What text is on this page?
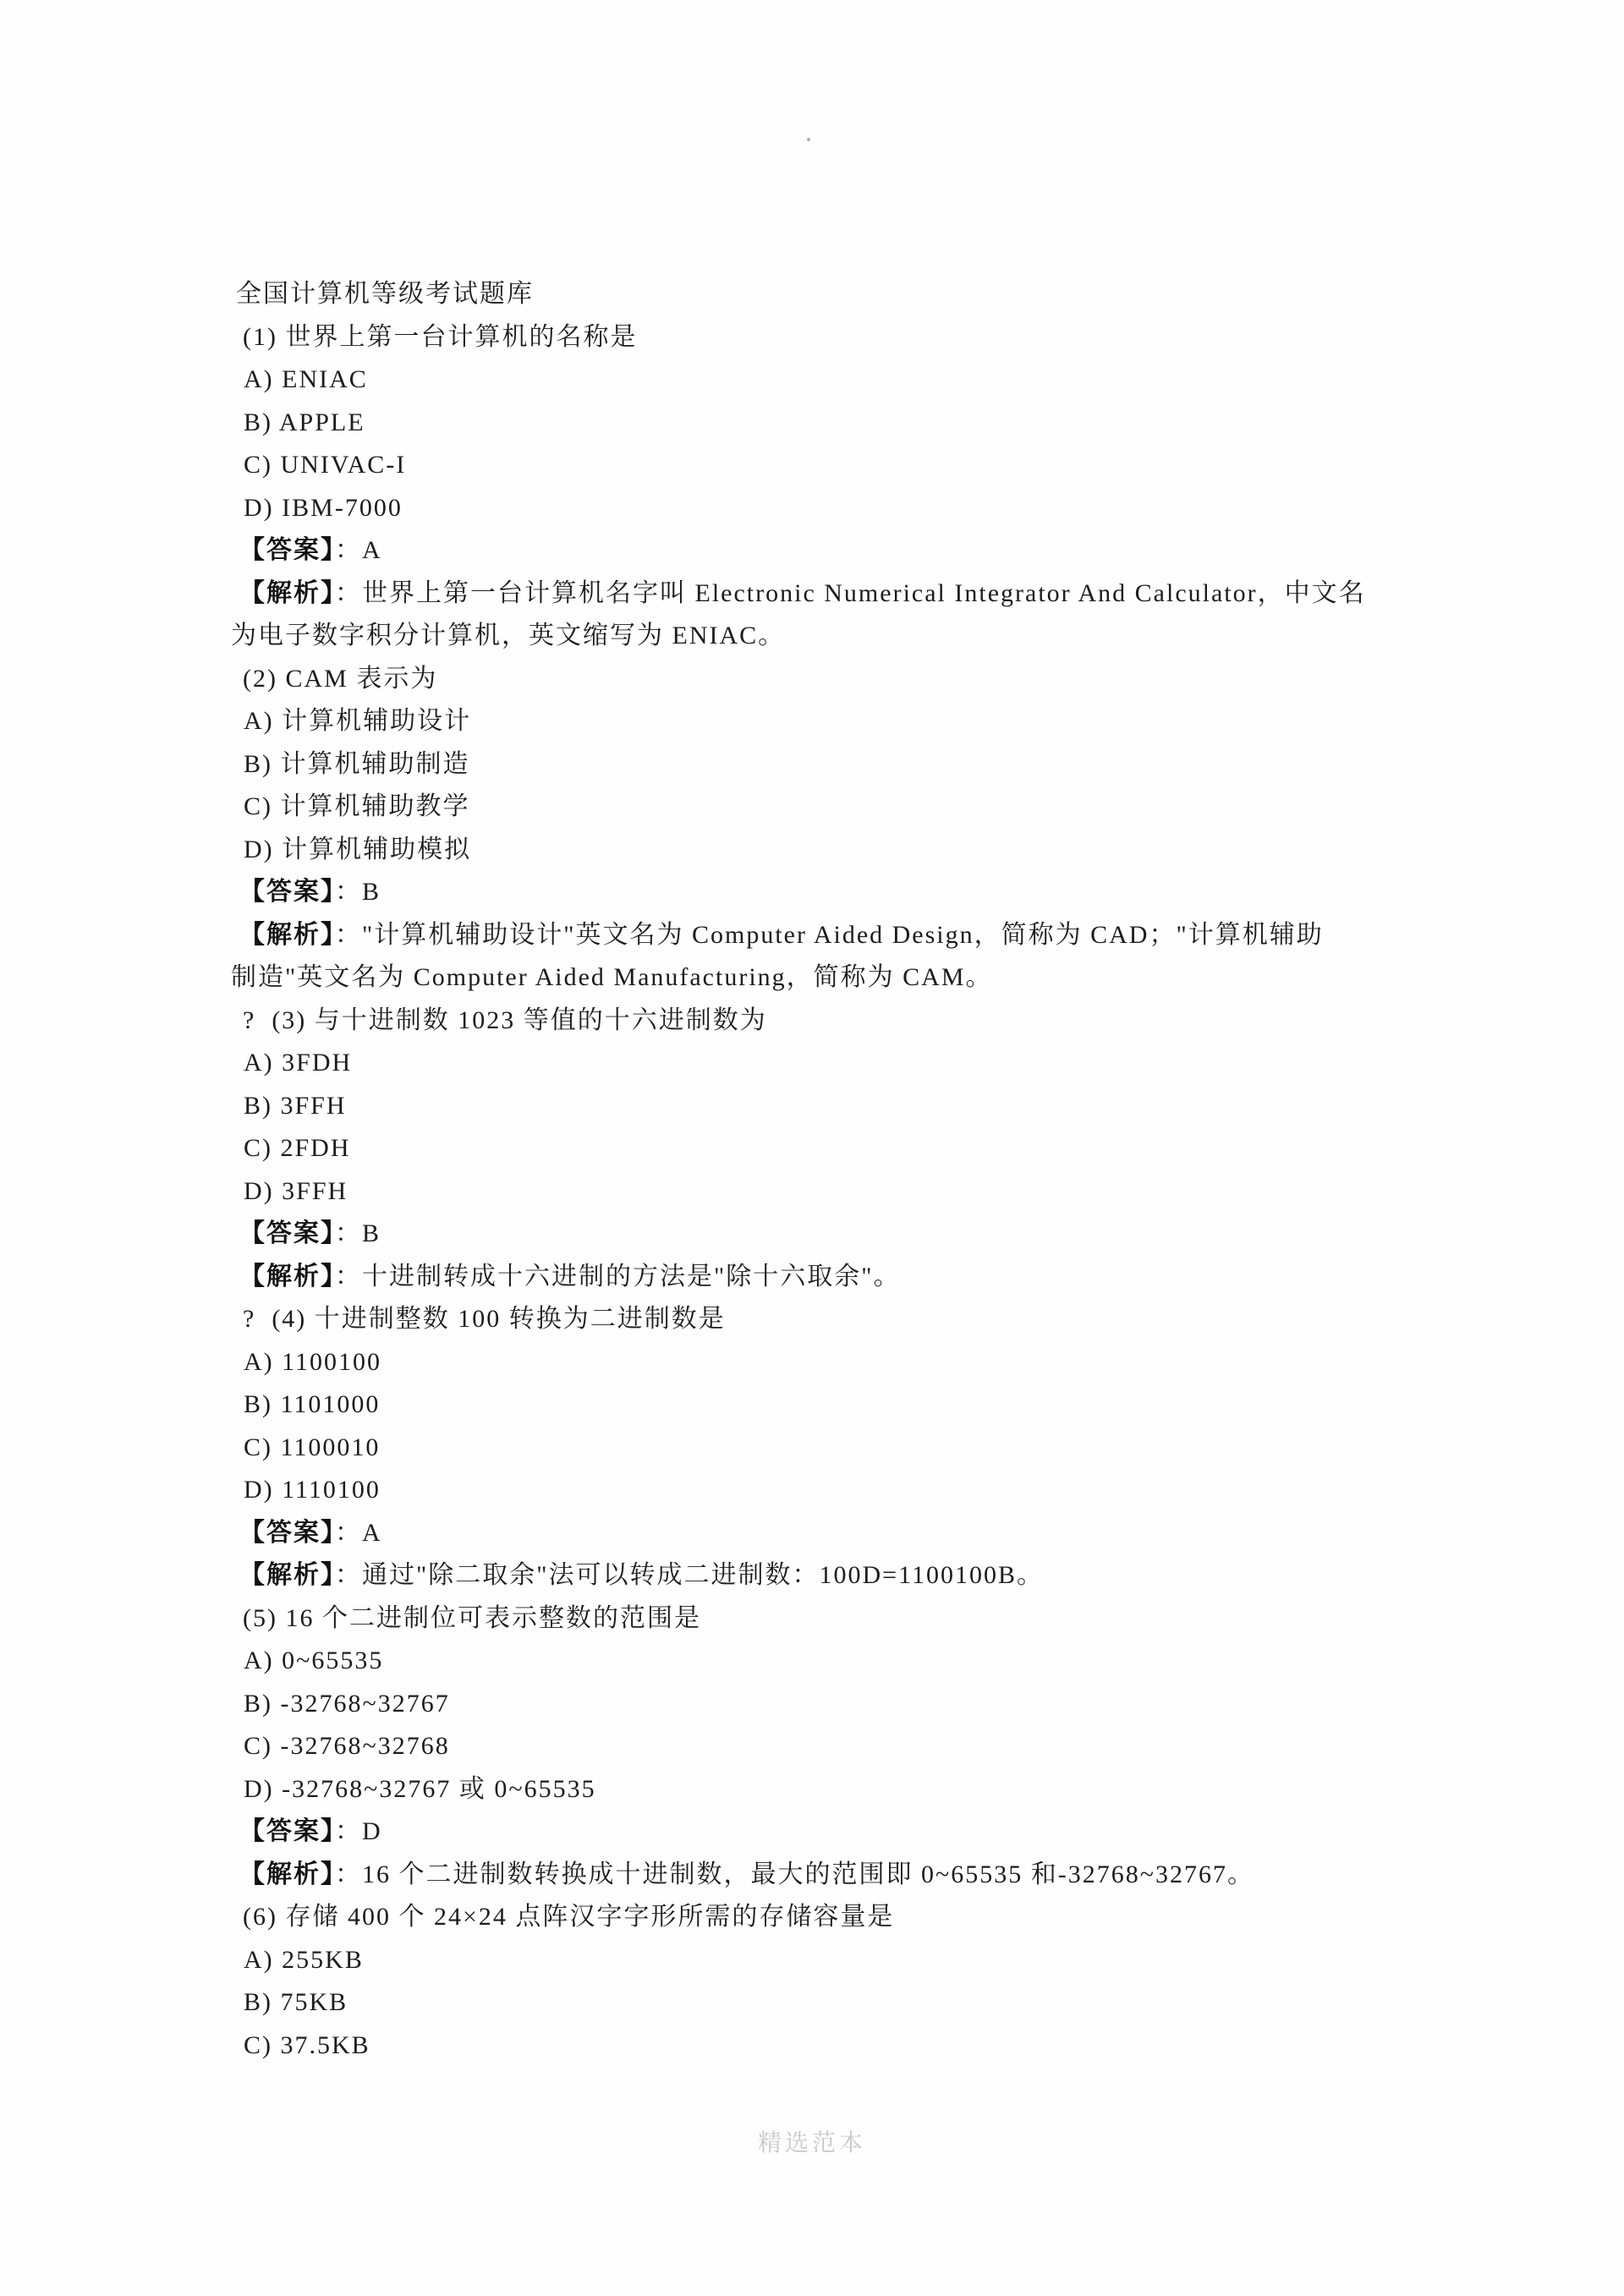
全国计算机等级考试题库
(1) 世界上第一台计算机的名称是
A) ENIAC
B) APPLE
C) UNIVAC-I
D) IBM-7000
【答案】：A
【解析】：世界上第一台计算机名字叫 Electronic Numerical Integrator And Calculator，中文名
为电子数字积分计算机，英文缩写为 ENIAC。
(2) CAM 表示为
A) 计算机辅助设计
B) 计算机辅助制造
C) 计算机辅助教学
D) 计算机辅助模拟
【答案】：B
【解析】："计算机辅助设计"英文名为 Computer Aided Design，简称为 CAD；"计算机辅助
制造"英文名为 Computer Aided Manufacturing，简称为 CAM。
?  (3) 与十进制数 1023 等值的十六进制数为
A) 3FDH
B) 3FFH
C) 2FDH
D) 3FFH
【答案】：B
【解析】：十进制转成十六进制的方法是"除十六取余"。
?  (4) 十进制整数 100 转换为二进制数是
A) 1100100
B) 1101000
C) 1100010
D) 1110100
【答案】：A
【解析】：通过"除二取余"法可以转成二进制数：100D=1100100B。
(5) 16 个二进制位可表示整数的范围是
A) 0~65535
B) -32768~32767
C) -32768~32768
D) -32768~32767 或 0~65535
【答案】：D
【解析】：16 个二进制数转换成十进制数，最大的范围即 0~65535 和-32768~32767。
(6) 存储 400 个 24×24 点阵汉字字形所需的存储容量是
A) 255KB
B) 75KB
C) 37.5KB
精选范本
